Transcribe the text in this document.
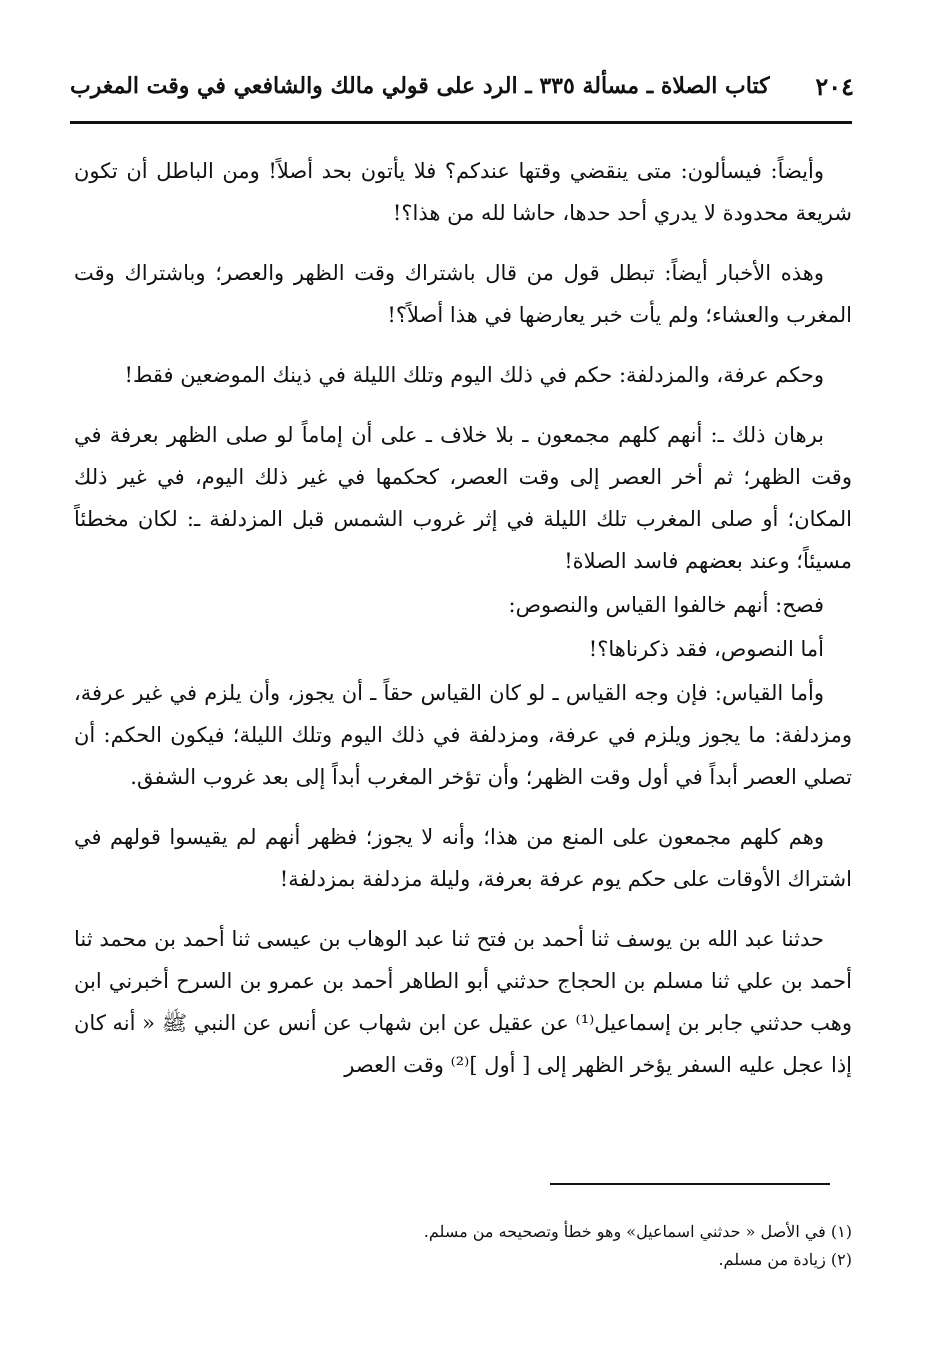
٢٠٤
كتاب الصلاة ـ مسألة ٣٣٥ ـ الرد على قولي مالك والشافعي في وقت المغرب

وأيضاً: فيسألون: متى ينقضي وقتها عندكم؟ فلا يأتون بحد أصلاً! ومن الباطل أن تكون شريعة محدودة لا يدري أحد حدها، حاشا لله من هذا؟!

وهذه الأخبار أيضاً: تبطل قول من قال باشتراك وقت الظهر والعصر؛ وباشتراك وقت المغرب والعشاء؛ ولم يأت خبر يعارضها في هذا أصلاً؟!

وحكم عرفة، والمزدلفة: حكم في ذلك اليوم وتلك الليلة في ذينك الموضعين فقط!

برهان ذلك ـ: أنهم كلهم مجمعون ـ بلا خلاف ـ على أن إماماً لو صلى الظهر بعرفة في وقت الظهر؛ ثم أخر العصر إلى وقت العصر، كحكمها في غير ذلك اليوم، في غير ذلك المكان؛ أو صلى المغرب تلك الليلة في إثر غروب الشمس قبل المزدلفة ـ: لكان مخطئاً مسيئاً؛ وعند بعضهم فاسد الصلاة!

فصح: أنهم خالفوا القياس والنصوص:

أما النصوص، فقد ذكرناها؟!

وأما القياس: فإن وجه القياس ـ لو كان القياس حقاً ـ أن يجوز، وأن يلزم في غير عرفة، ومزدلفة: ما يجوز ويلزم في عرفة، ومزدلفة في ذلك اليوم وتلك الليلة؛ فيكون الحكم: أن تصلي العصر أبداً في أول وقت الظهر؛ وأن تؤخر المغرب أبداً إلى بعد غروب الشفق.

وهم كلهم مجمعون على المنع من هذا؛ وأنه لا يجوز؛ فظهر أنهم لم يقيسوا قولهم في اشتراك الأوقات على حكم يوم عرفة بعرفة، وليلة مزدلفة بمزدلفة!

حدثنا عبد الله بن يوسف ثنا أحمد بن فتح ثنا عبد الوهاب بن عيسى ثنا أحمد بن محمد ثنا أحمد بن علي ثنا مسلم بن الحجاج حدثني أبو الطاهر أحمد بن عمرو بن السرح أخبرني ابن وهب حدثني جابر بن إسماعيل⁽¹⁾ عن عقيل عن ابن شهاب عن أنس عن النبي ﷺ « أنه كان إذا عجل عليه السفر يؤخر الظهر إلى [ أول ]⁽²⁾ وقت العصر

(١) في الأصل « حدثني اسماعيل» وهو خطأ وتصحيحه من مسلم.

(٢) زيادة من مسلم.
